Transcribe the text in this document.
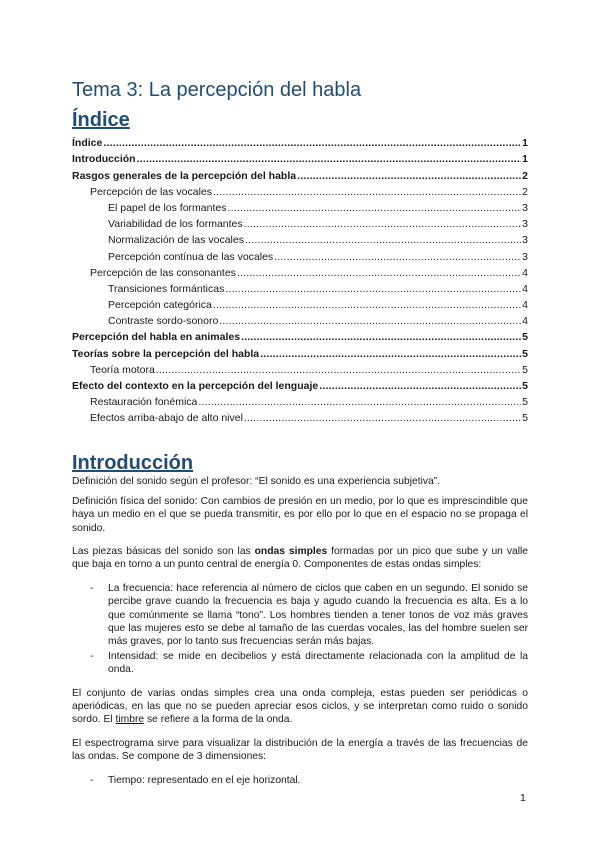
Tema 3: La percepción del habla
Índice
Índice .....	1
Introducción .....	1
Rasgos generales de la percepción del habla .....	2
Percepción de las vocales .....	2
El papel de los formantes .....	3
Variabilidad de los formantes .....	3
Normalización de las vocales .....	3
Percepción contínua de las vocales .....	3
Percepción de las consonantes .....	4
Transiciones formánticas .....	4
Percepción categórica .....	4
Contraste sordo-sonoro .....	4
Percepción del habla en animales .....	5
Teorías sobre la percepción del habla .....	5
Teoría motora .....	5
Efecto del contexto en la percepción del lenguaje .....	5
Restauración fonémica .....	5
Efectos arriba-abajo de alto nivel .....	5
Introducción

Definición del sonido según el profesor: “El sonido es una experiencia subjetiva”.

Definición física del sonido: Con cambios de presión en un medio, por lo que es imprescindible que haya un medio en el que se pueda transmitir, es por ello por lo que en el espacio no se propaga el sonido.

Las piezas básicas del sonido son las ondas simples formadas por un pico que sube y un valle que baja en torno a un punto central de energía 0. Componentes de estas ondas simples:

- La frecuencia: hace referencia al número de ciclos que caben en un segundo. El sonido se percibe grave cuando la frecuencia es baja y agudo cuando la frecuencia es alta. Es a lo que comúnmente se llama “tono”. Los hombres tienden a tener tonos de voz más graves que las mujeres esto se debe al tamaño de las cuerdas vocales, las del hombre suelen ser más graves, por lo tanto sus frecuencias serán más bajas.
- Intensidad: se mide en decibelios y está directamente relacionada con la amplitud de la onda.

El conjunto de varias ondas simples crea una onda compleja, estas pueden ser periódicas o aperiódicas, en las que no se pueden apreciar esos ciclos, y se interpretan como ruido o sonido sordo. El timbre se refiere a la forma de la onda.

El espectrograma sirve para visualizar la distribución de la energía a través de las frecuencias de las ondas. Se compone de 3 dimensiones:

- Tiempo: representado en el eje horizontal.
1
